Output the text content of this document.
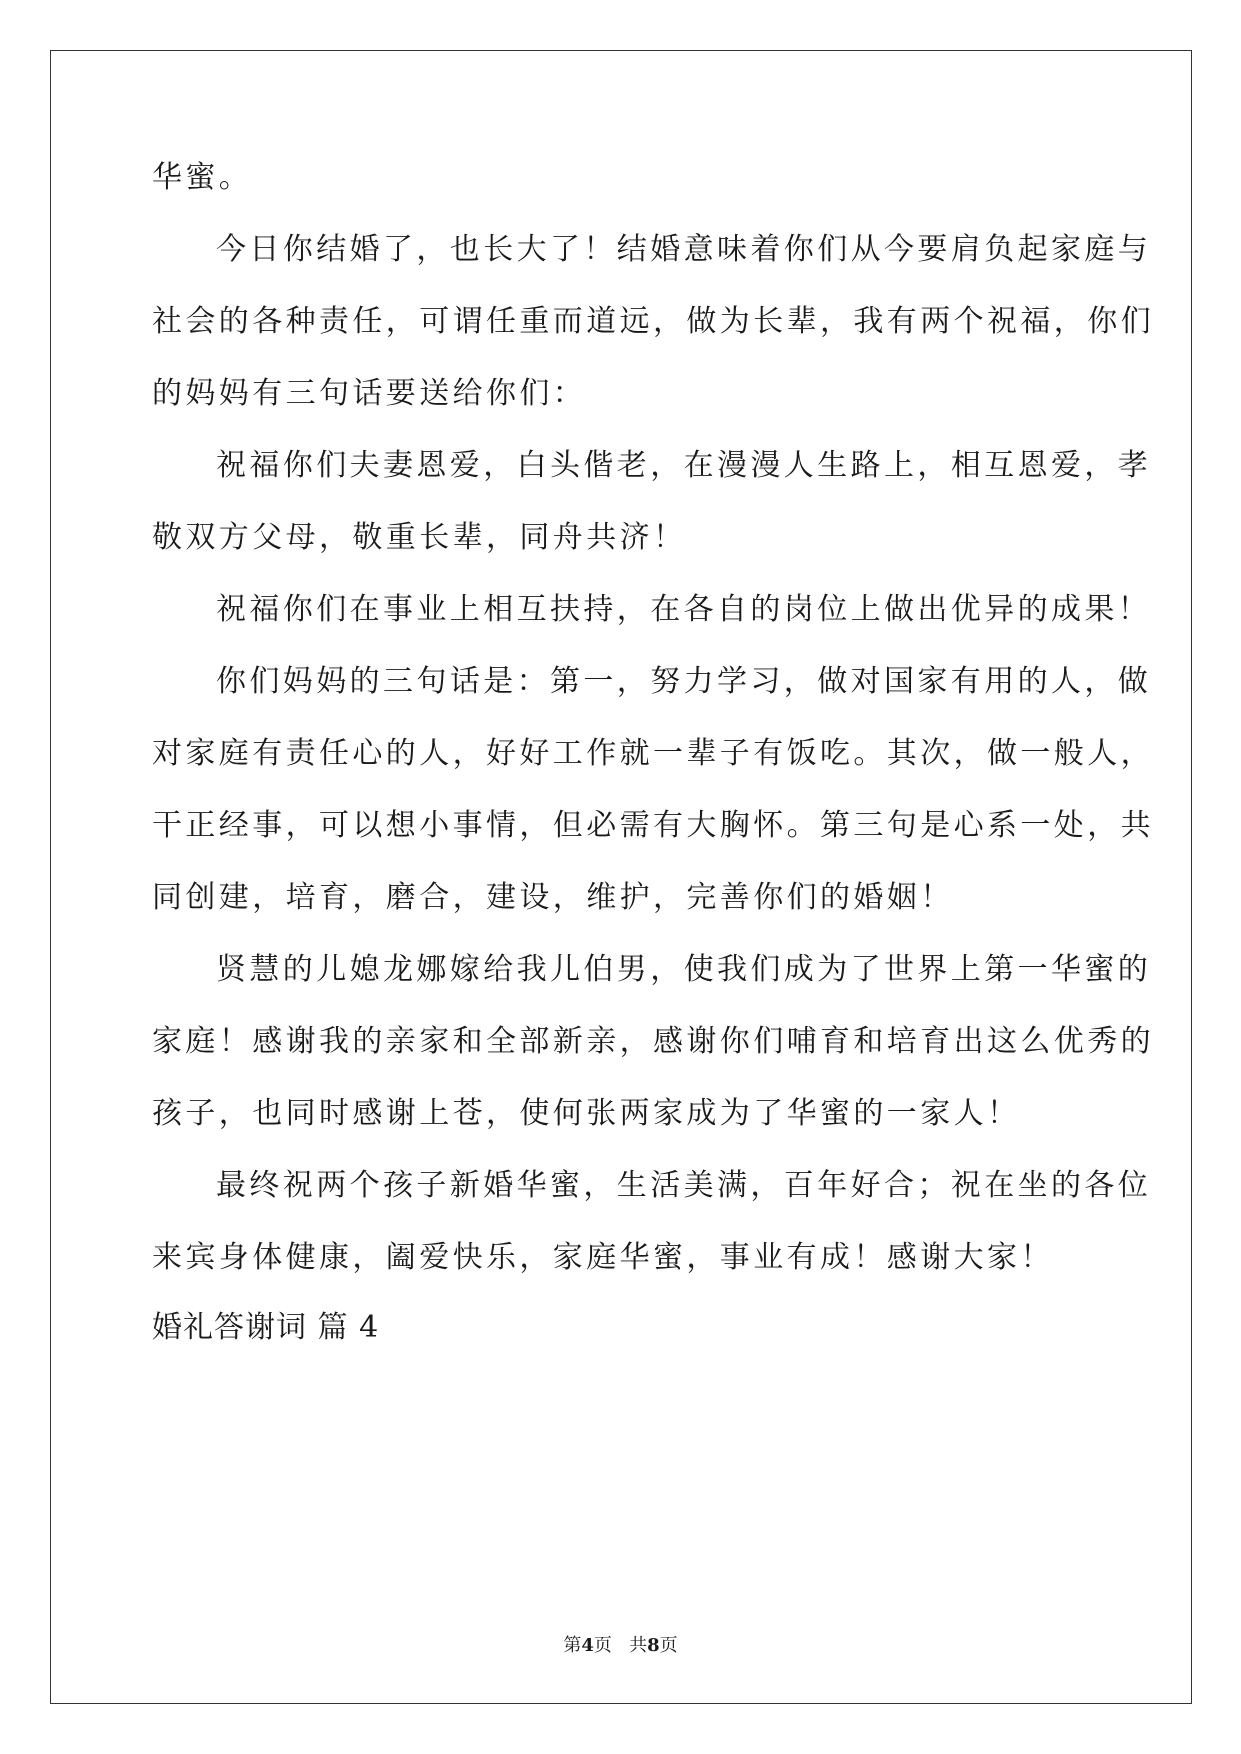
华蜜。
今日你结婚了，也长大了！结婚意味着你们从今要肩负起家庭与
社会的各种责任，可谓任重而道远，做为长辈，我有两个祝福，你们
的妈妈有三句话要送给你们：
祝福你们夫妻恩爱，白头偕老，在漫漫人生路上，相互恩爱，孝
敬双方父母，敬重长辈，同舟共济！
祝福你们在事业上相互扶持，在各自的岗位上做出优异的成果！
你们妈妈的三句话是：第一，努力学习，做对国家有用的人，做
对家庭有责任心的人，好好工作就一辈子有饭吃。其次，做一般人，
干正经事，可以想小事情，但必需有大胸怀。第三句是心系一处，共
同创建，培育，磨合，建设，维护，完善你们的婚姻！
贤慧的儿媳龙娜嫁给我儿伯男，使我们成为了世界上第一华蜜的
家庭！感谢我的亲家和全部新亲，感谢你们哺育和培育出这么优秀的
孩子，也同时感谢上苍，使何张两家成为了华蜜的一家人！
最终祝两个孩子新婚华蜜，生活美满，百年好合；祝在坐的各位
来宾身体健康，阖爱快乐，家庭华蜜，事业有成！感谢大家！
婚礼答谢词 篇 4
第4页 共8页
